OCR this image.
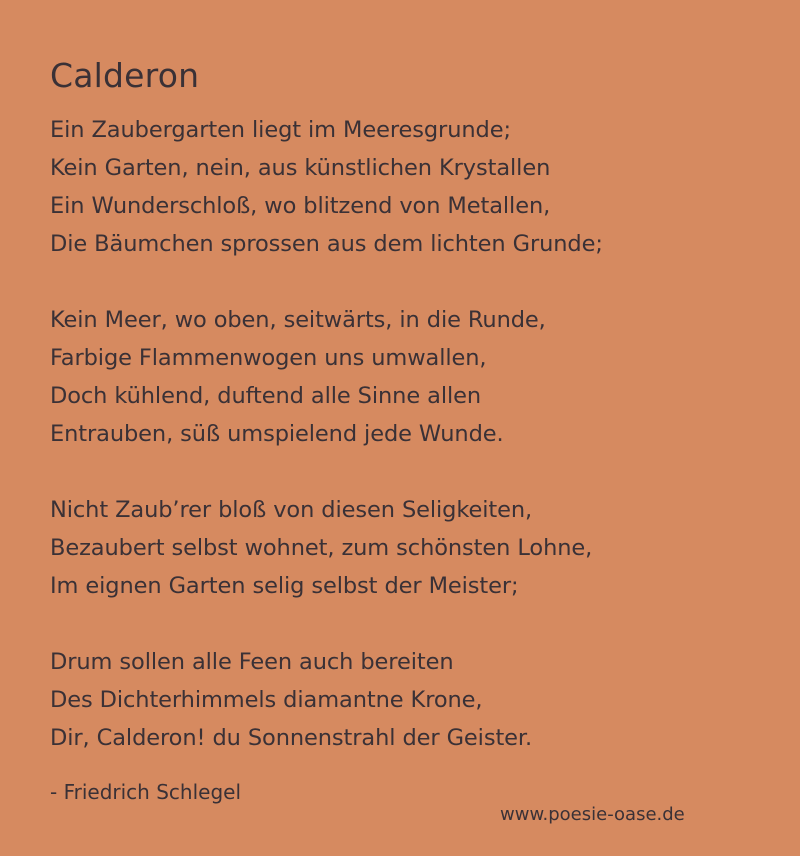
Calderon
Ein Zaubergarten liegt im Meeresgrunde;
Kein Garten, nein, aus künstlichen Krystallen
Ein Wunderschloß, wo blitzend von Metallen,
Die Bäumchen sprossen aus dem lichten Grunde;
Kein Meer, wo oben, seitwärts, in die Runde,
Farbige Flammenwogen uns umwallen,
Doch kühlend, duftend alle Sinne allen
Entrauben, süß umspielend jede Wunde.
Nicht Zaub’rer bloß von diesen Seligkeiten,
Bezaubert selbst wohnet, zum schönsten Lohne,
Im eignen Garten selig selbst der Meister;
Drum sollen alle Feen auch bereiten
Des Dichterhimmels diamantne Krone,
Dir, Calderon! du Sonnenstrahl der Geister.
- Friedrich Schlegel
www.poesie-oase.de
